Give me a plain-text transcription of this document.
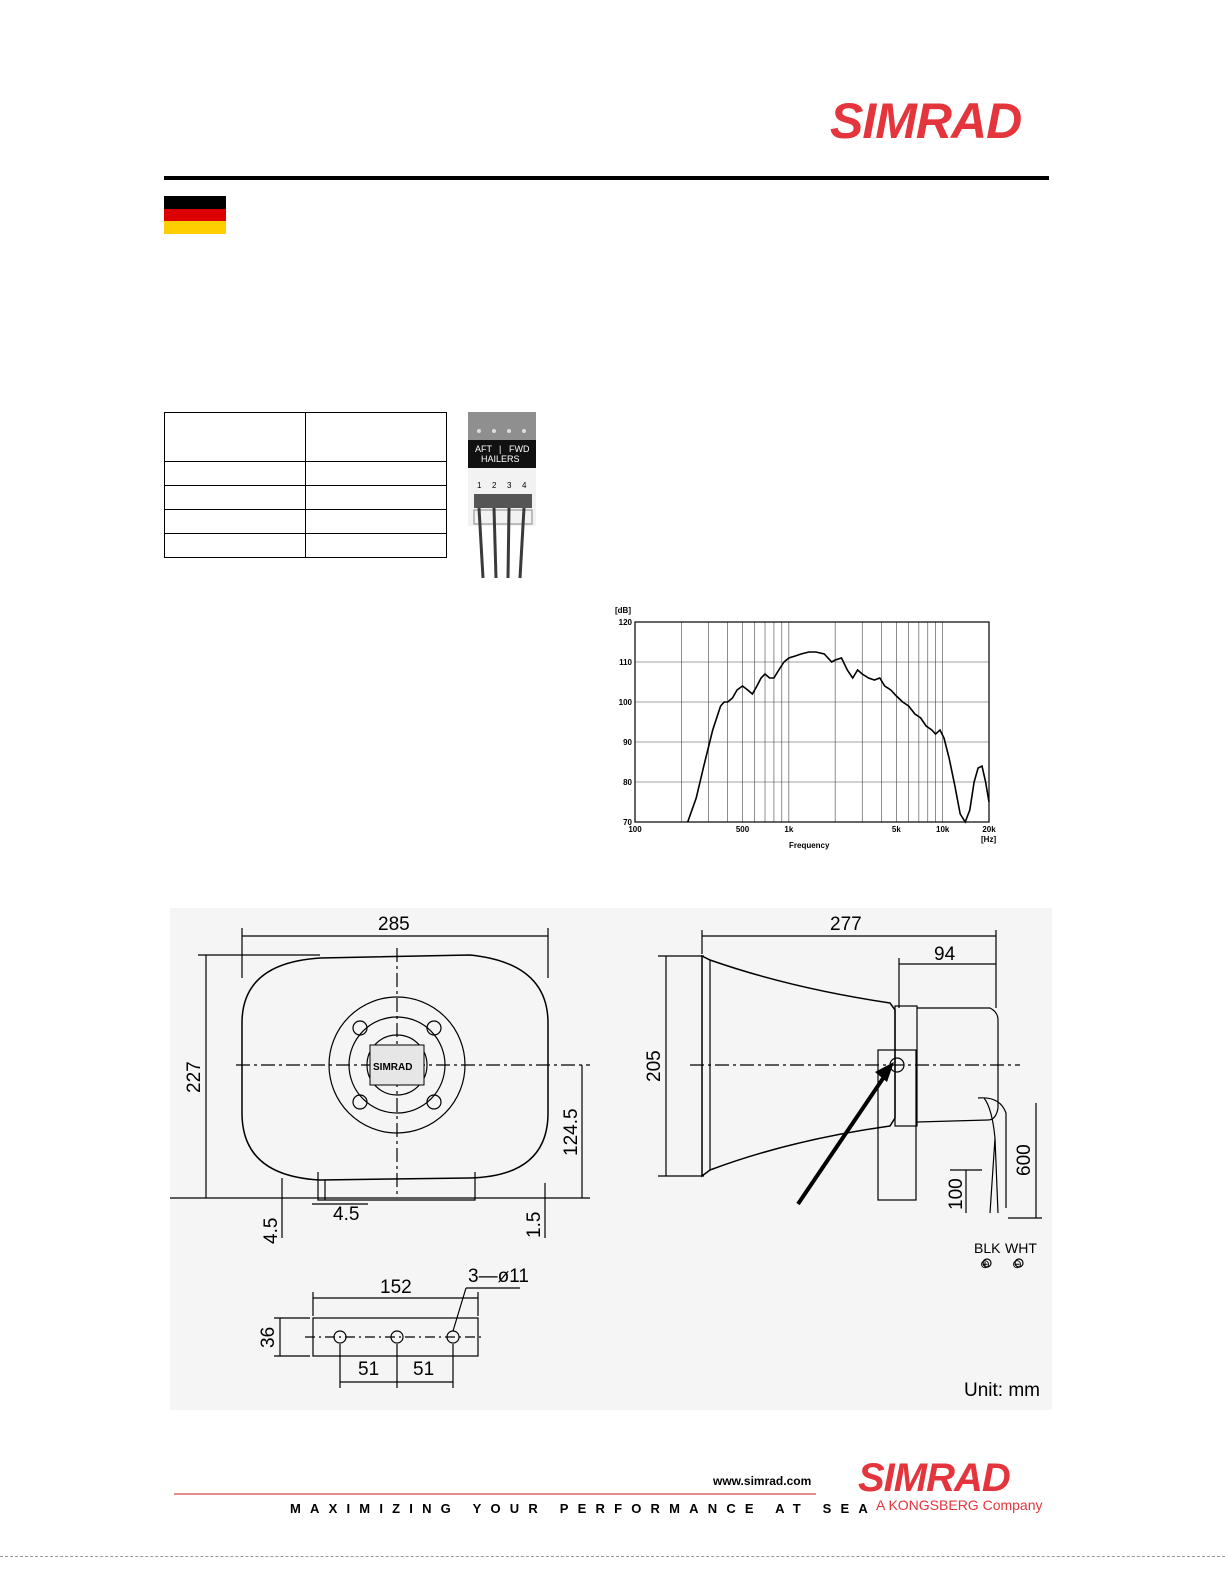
SIMRAD

AFT | FWD
HAILERS
1 2 3 4
120
110
100
90
80
70
100	500	1k	5k	10k	20k
[dB]
Frequency
[Hz]
SIMRAD
285
227
124.5
4.5
4.5	1.5
152
3—ø11
36
51 51
277
94
205
600
100
BLK WHT
⊕ ⊖
Unit: mm
www.simrad.com
MAXIMIZING YOUR PERFORMANCE AT SEA
SIMRAD
A KONGSBERG Company
